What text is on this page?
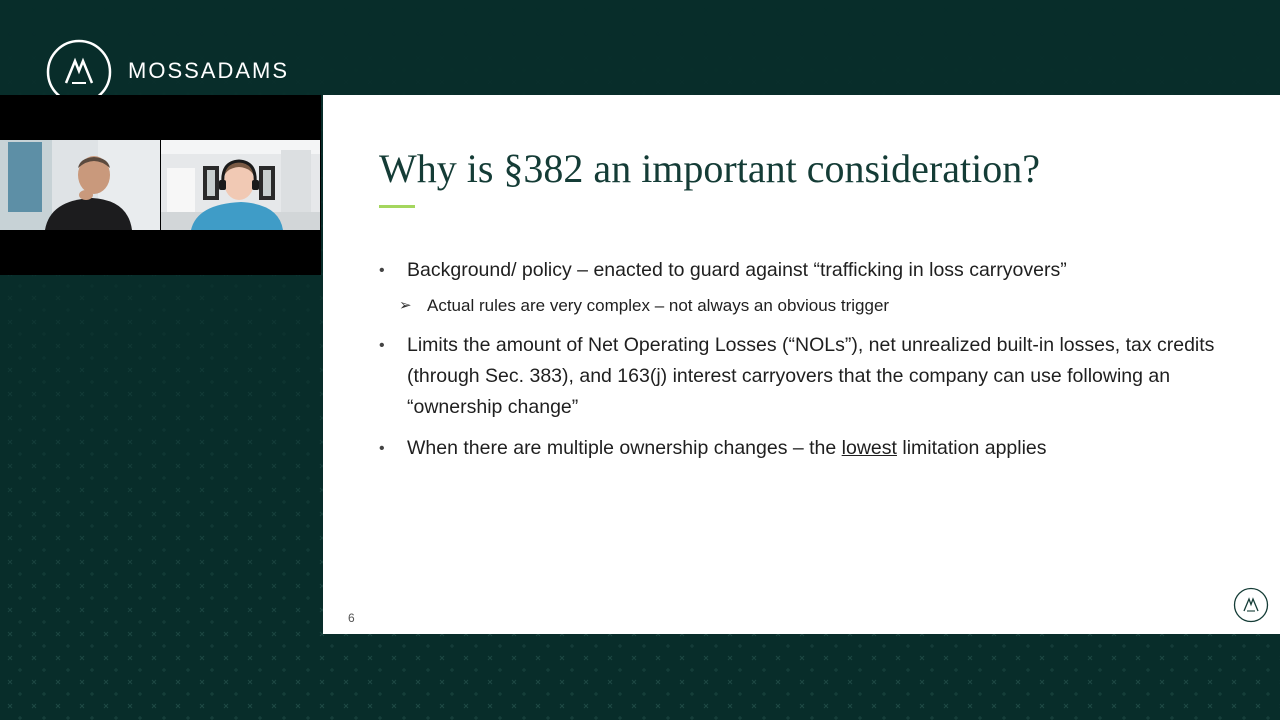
MOSSADAMS
Why is §382 an important consideration?
• Background/ policy – enacted to guard against “trafficking in loss carryovers”
➢ Actual rules are very complex – not always an obvious trigger
• Limits the amount of Net Operating Losses (“NOLs”), net unrealized built-in losses, tax credits (through Sec. 383), and 163(j) interest carryovers that the company can use following an “ownership change”
• When there are multiple ownership changes – the lowest limitation applies
6
